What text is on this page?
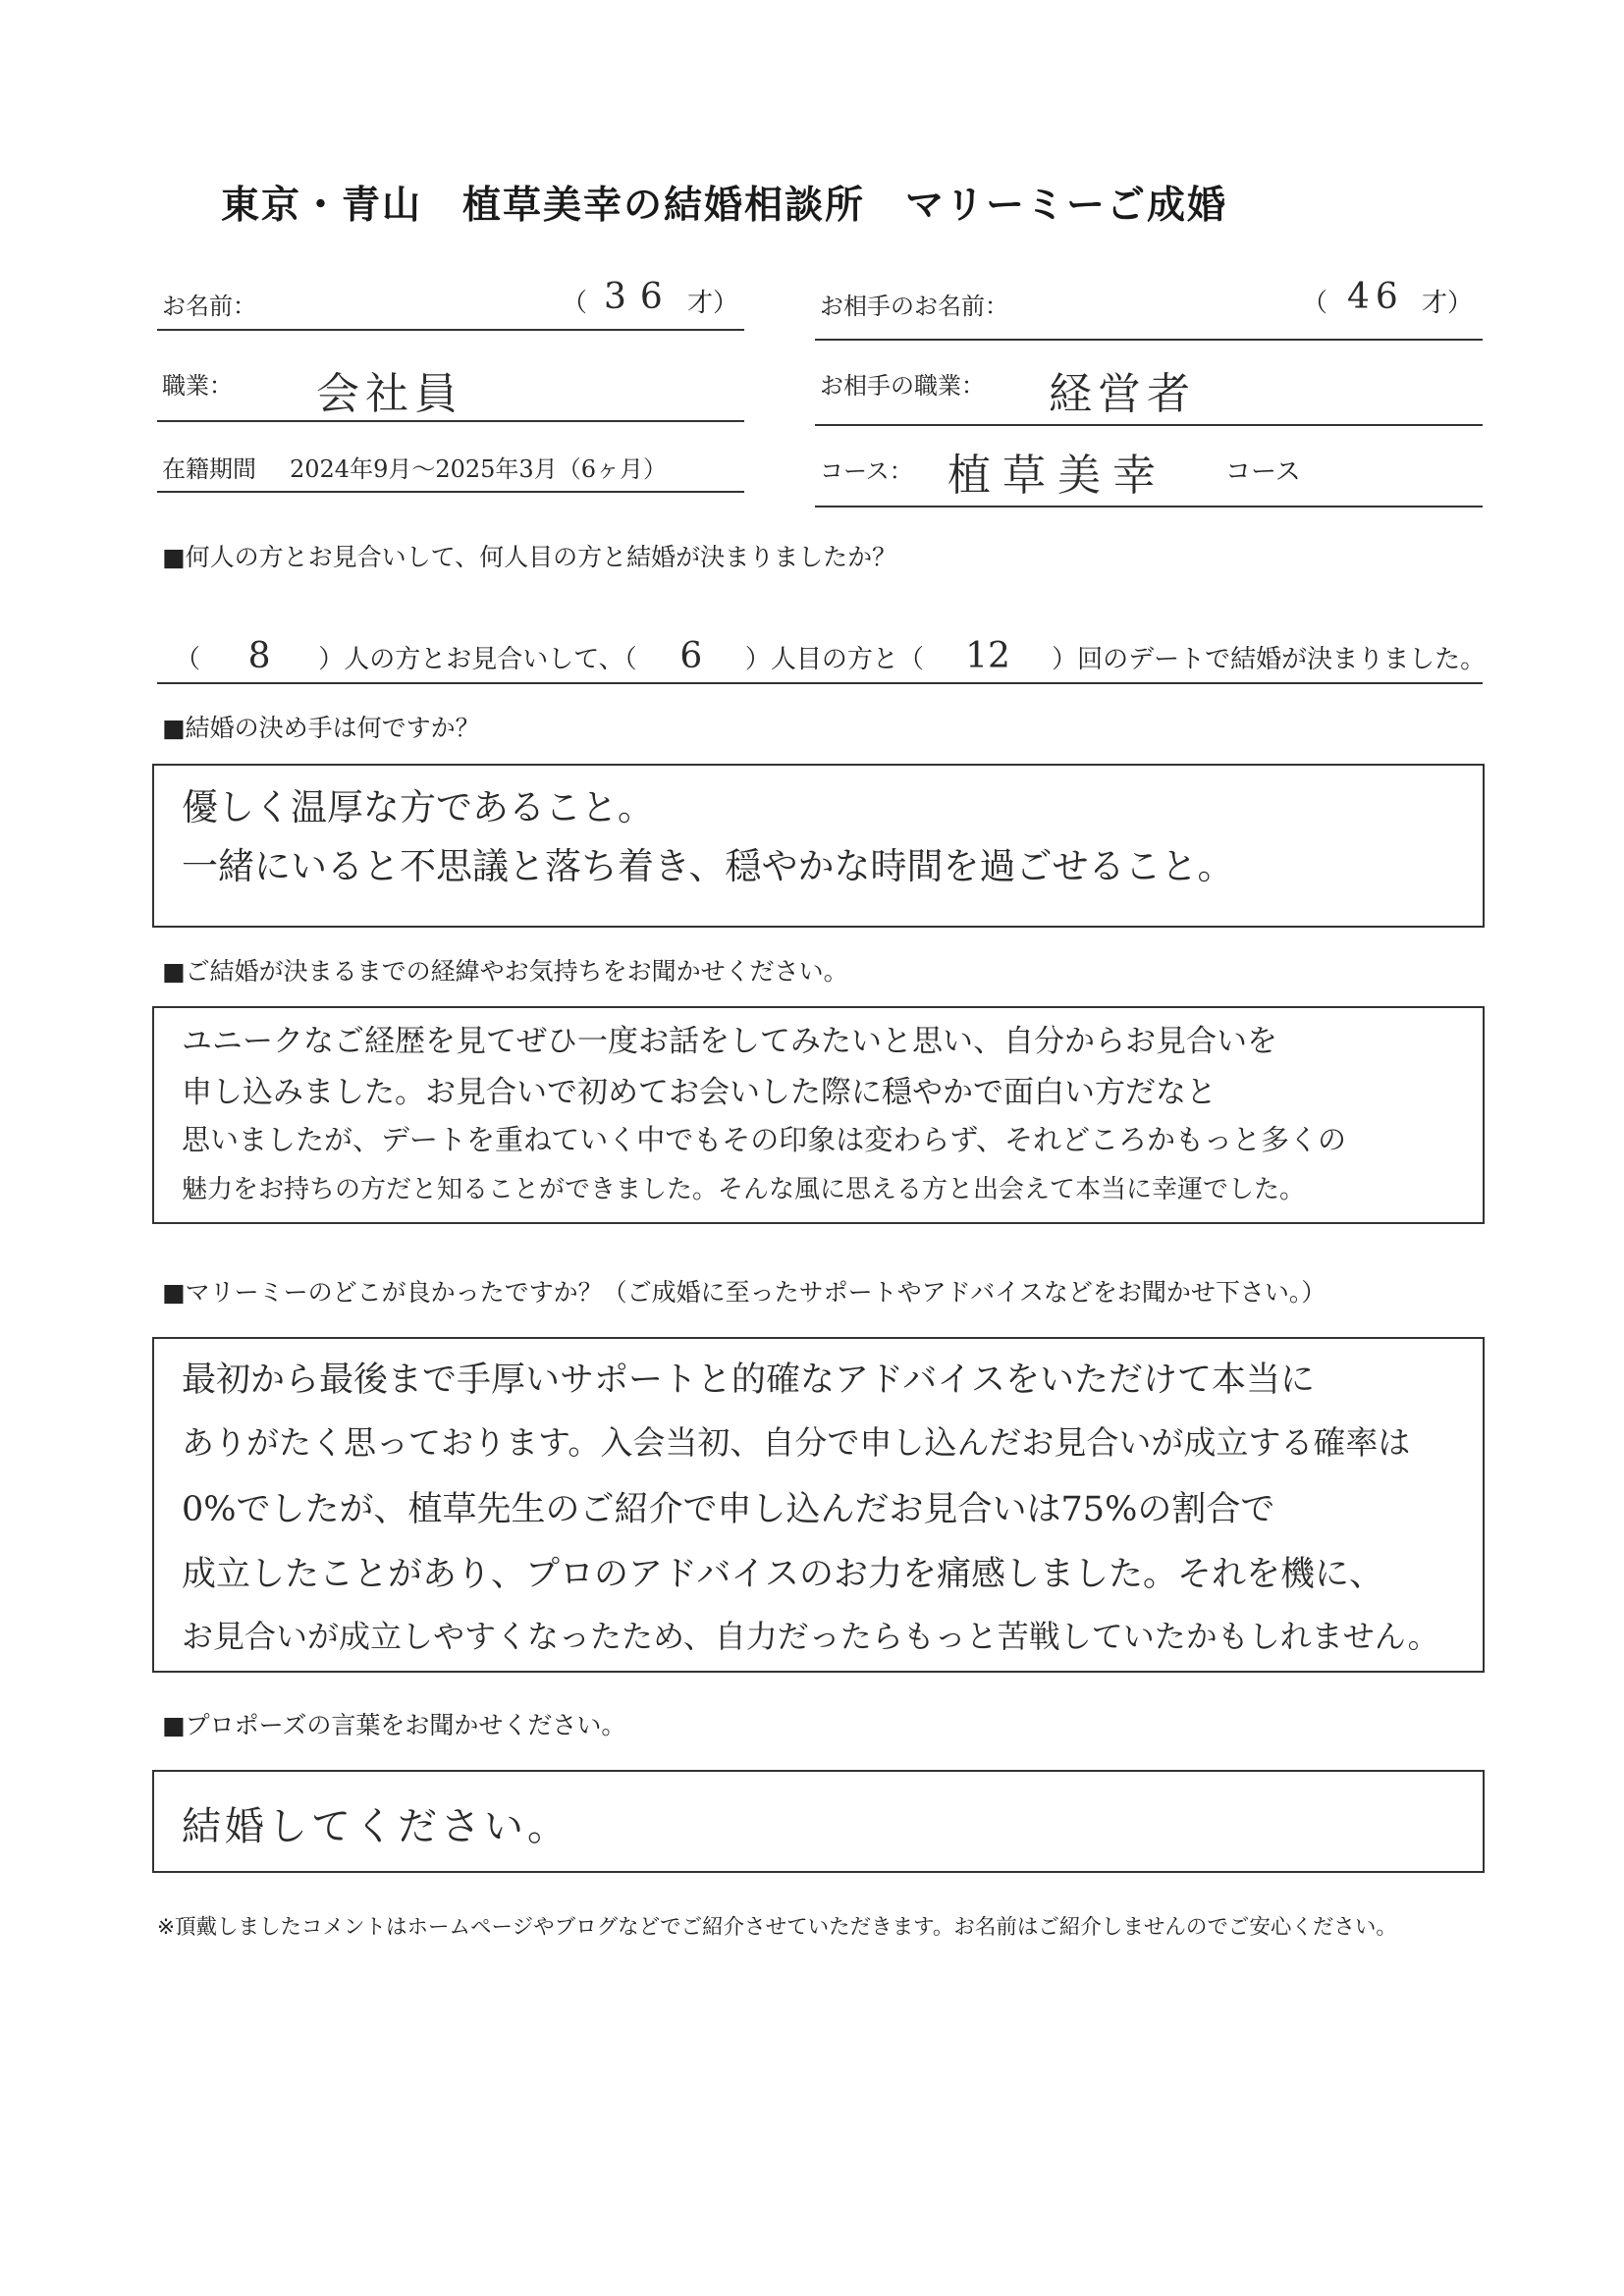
東京・青山　植草美幸の結婚相談所　マリーミーご成婚
お名前：	（ 36 才）	お相手のお名前：	（ 46 才）
職業： 会社員	お相手の職業： 経営者
在籍期間 2024年9月～2025年3月（6ヶ月）	コース： 植草美幸 コース
■何人の方とお見合いして、何人目の方と結婚が決まりましたか？
（ 8 ）人の方とお見合いして、（ 6 ）人目の方と（ 12 ）回のデートで結婚が決まりました。
■結婚の決め手は何ですか？
優しく温厚な方であること。
一緒にいると不思議と落ち着き、穏やかな時間を過ごせること。
■ご結婚が決まるまでの経緯やお気持ちをお聞かせください。
ユニークなご経歴を見てぜひ一度お話をしてみたいと思い、自分からお見合いを
申し込みました。お見合いで初めてお会いした際に穏やかで面白い方だなと
思いましたが、デートを重ねていく中でもその印象は変わらず、それどころかもっと多くの
魅力をお持ちの方だと知ることができました。そんな風に思える方と出会えて本当に幸運でした。
■マリーミーのどこが良かったですか？（ご成婚に至ったサポートやアドバイスなどをお聞かせ下さい。）
最初から最後まで手厚いサポートと的確なアドバイスをいただけて本当に
ありがたく思っております。入会当初、自分で申し込んだお見合いが成立する確率は
0%でしたが、植草先生のご紹介で申し込んだお見合いは75%の割合で
成立したことがあり、プロのアドバイスのお力を痛感しました。それを機に、
お見合いが成立しやすくなったため、自力だったらもっと苦戦していたかもしれません。
■プロポーズの言葉をお聞かせください。
結婚してください。
※頂戴しましたコメントはホームページやブログなどでご紹介させていただきます。お名前はご紹介しませんのでご安心ください。
